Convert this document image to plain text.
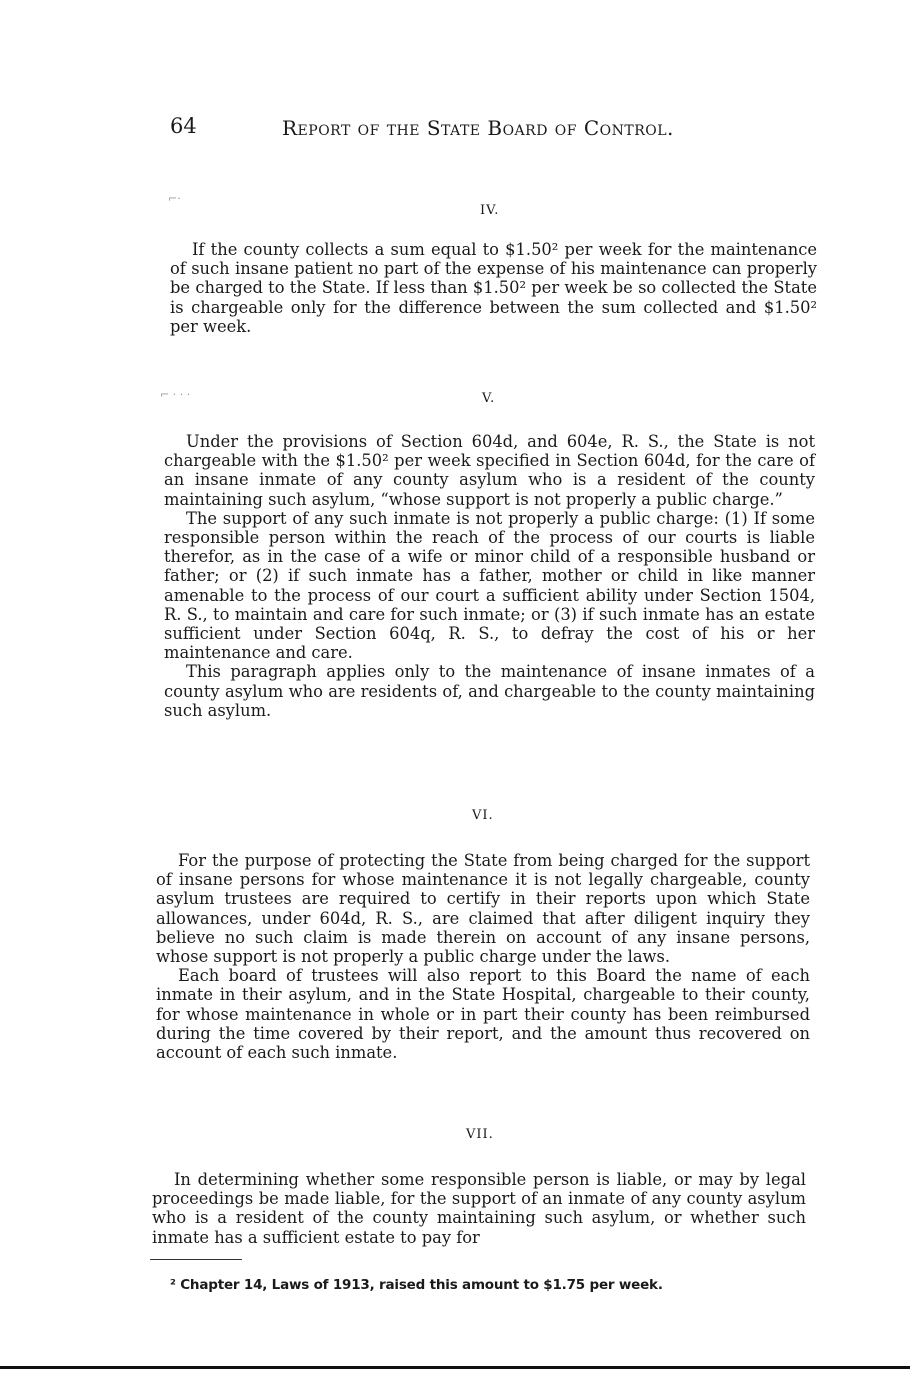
64	Report of the State Board of Control.
⌐·
⌐ · · ·
IV.

If the county collects a sum equal to $1.50² per week for the maintenance of such insane patient no part of the expense of his maintenance can properly be charged to the State. If less than $1.50² per week be so collected the State is chargeable only for the difference between the sum collected and $1.50² per week.

V.

Under the provisions of Section 604d, and 604e, R. S., the State is not chargeable with the $1.50² per week specified in Section 604d, for the care of an insane inmate of any county asylum who is a resident of the county maintaining such asylum, “whose support is not properly a public charge.”

The support of any such inmate is not properly a public charge: (1) If some responsible person within the reach of the process of our courts is liable therefor, as in the case of a wife or minor child of a responsible husband or father; or (2) if such inmate has a father, mother or child in like manner amenable to the process of our court a sufficient ability under Section 1504, R. S., to maintain and care for such inmate; or (3) if such inmate has an estate sufficient under Section 604q, R. S., to defray the cost of his or her maintenance and care.

This paragraph applies only to the maintenance of insane inmates of a county asylum who are residents of, and chargeable to the county maintaining such asylum.

VI.

For the purpose of protecting the State from being charged for the support of insane persons for whose maintenance it is not legally chargeable, county asylum trustees are required to certify in their reports upon which State allowances, under 604d, R. S., are claimed that after diligent inquiry they believe no such claim is made therein on account of any insane persons, whose support is not properly a public charge under the laws.

Each board of trustees will also report to this Board the name of each inmate in their asylum, and in the State Hospital, chargeable to their county, for whose maintenance in whole or in part their county has been reimbursed during the time covered by their report, and the amount thus recovered on account of each such inmate.

VII.

In determining whether some responsible person is liable, or may by legal proceedings be made liable, for the support of an inmate of any county asylum who is a resident of the county maintaining such asylum, or whether such inmate has a sufficient estate to pay for

² Chapter 14, Laws of 1913, raised this amount to $1.75 per week.
